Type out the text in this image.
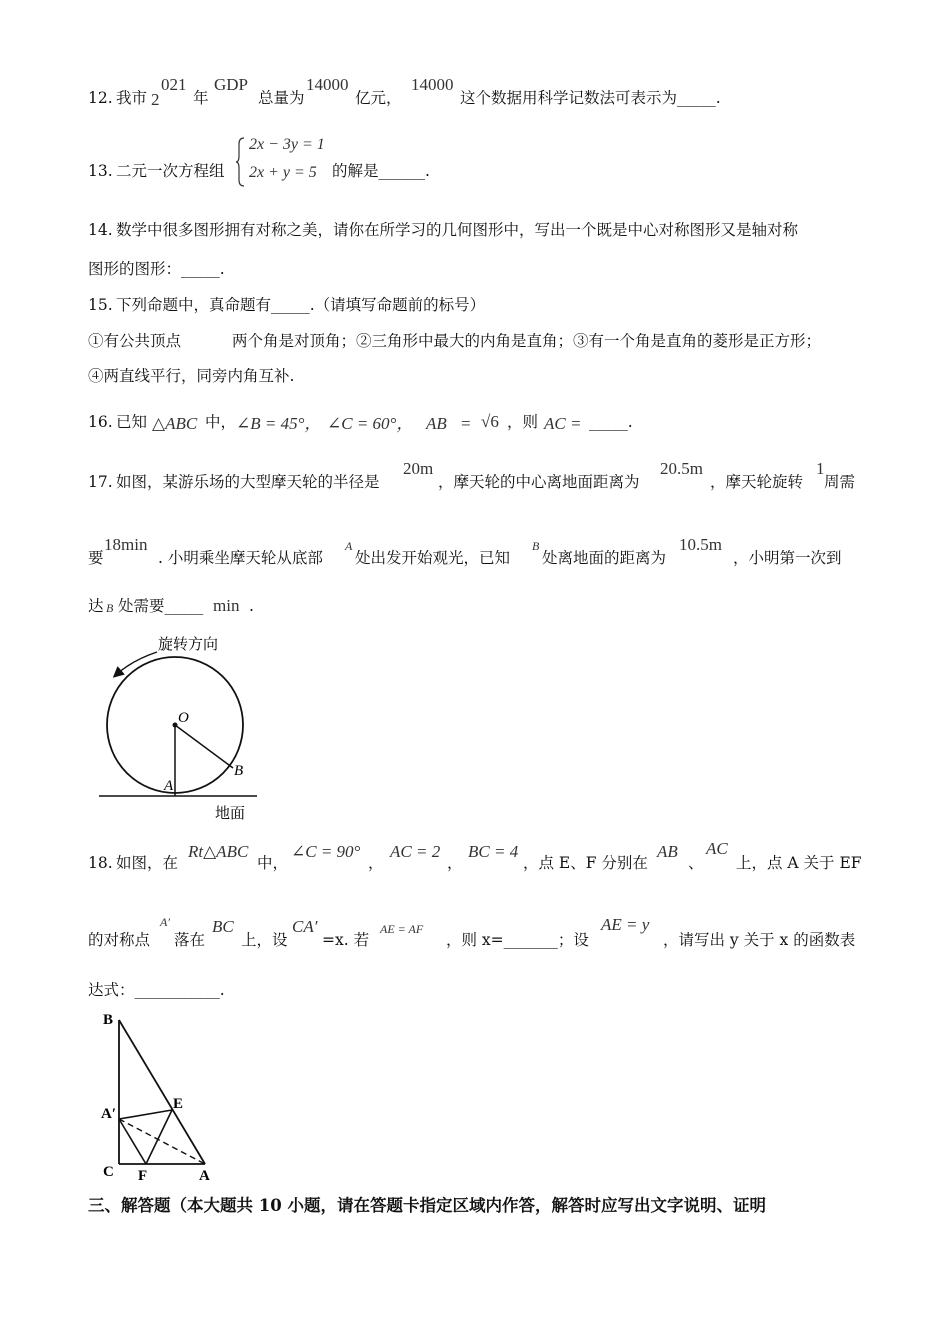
12. 我市 2
021
年
GDP
总量为
14000
亿元，
14000
这个数据用科学记数法可表示为_____.
13. 二元一次方程组
2x − 3y = 1
2x + y = 5 的解是______.
14. 数学中很多图形拥有对称之美，请你在所学习的几何图形中，写出一个既是中心对称图形又是轴对称
图形的图形：_____.
15. 下列命题中，真命题有_____.（请填写命题前的标号）
①有公共顶点	两个角是对顶角；②三角形中最大的内角是直角；③有一个角是直角的菱形是正方形；
④两直线平行，同旁内角互补.
16. 已知 △ABC 中， ∠B = 45°， ∠C = 60°， AB = √6 ，则 AC = _____.
17. 如图，某游乐场的大型摩天轮的半径是
20m
，摩天轮的中心离地面距离为
20.5m
，摩天轮旋转
1
周需
要
18min
. 小明乘坐摩天轮从底部
A
处出发开始观光，已知
B
处离地面的距离为
10.5m
，小明第一次到
达 B 处需要_____ min .
旋转方向
O
A
B
地面
18. 如图，在
Rt△ABC
中，
∠C = 90°
，
AC = 2
，
BC = 4
，点 E、F 分别在
AB
、
AC
上，点 A 关于 EF
的对称点
A′
落在
BC
上，设
CA′
=x. 若
AE = AF
，则 x=_______；设
AE = y
，请写出 y 关于 x 的函数表
达式：___________.
B
E
A′
C F	A
三、解答题（本大题共 10 小题，请在答题卡指定区域内作答，解答时应写出文字说明、证明
